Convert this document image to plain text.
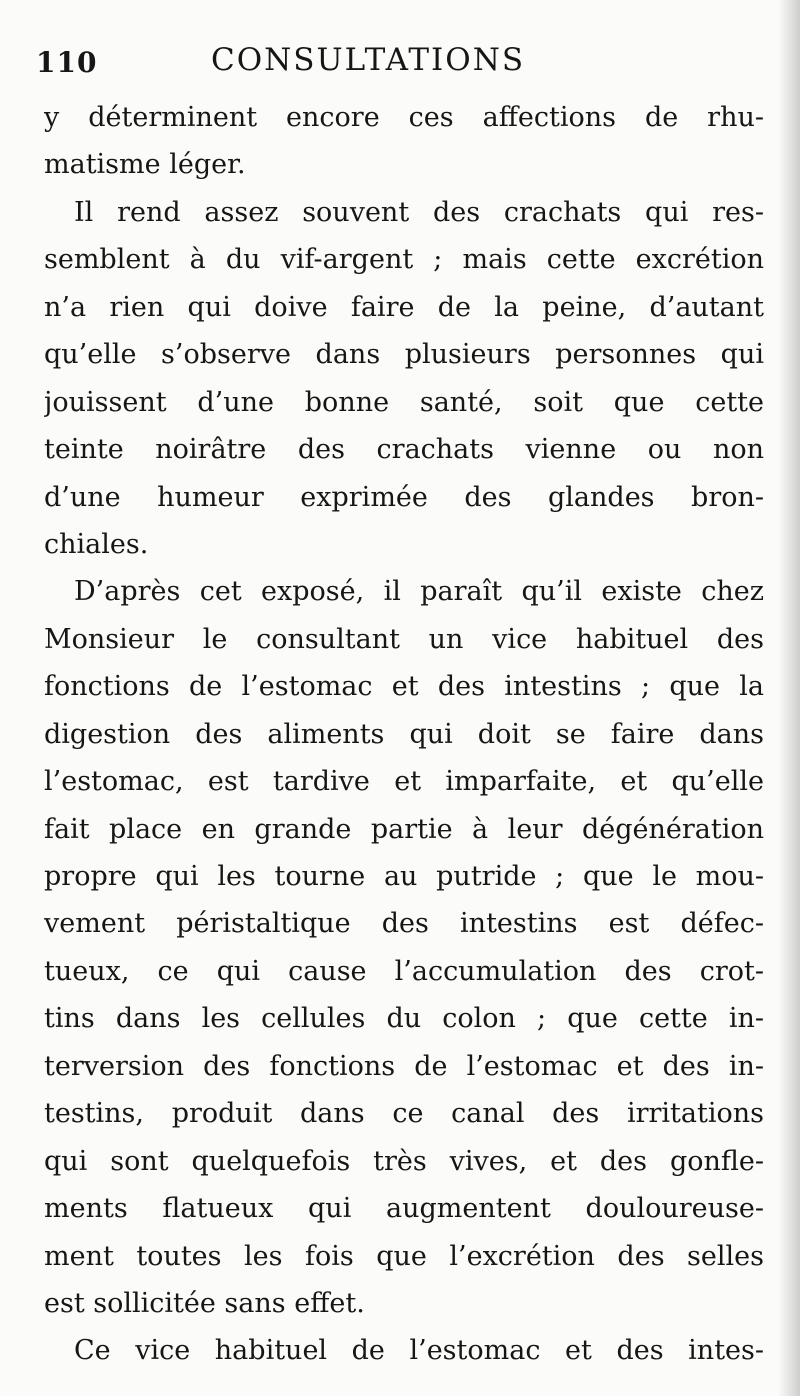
110	CONSULTATIONS
y déterminent encore ces affections de rhu-
matisme léger.
Il rend assez souvent des crachats qui res-
semblent à du vif-argent ; mais cette excrétion
n’a rien qui doive faire de la peine, d’autant
qu’elle s’observe dans plusieurs personnes qui
jouissent d’une bonne santé, soit que cette
teinte noirâtre des crachats vienne ou non
d’une humeur exprimée des glandes bron-
chiales.
D’après cet exposé, il paraît qu’il existe chez
Monsieur le consultant un vice habituel des
fonctions de l’estomac et des intestins ; que la
digestion des aliments qui doit se faire dans
l’estomac, est tardive et imparfaite, et qu’elle
fait place en grande partie à leur dégénération
propre qui les tourne au putride ; que le mou-
vement péristaltique des intestins est défec-
tueux, ce qui cause l’accumulation des crot-
tins dans les cellules du colon ; que cette in-
terversion des fonctions de l’estomac et des in-
testins, produit dans ce canal des irritations
qui sont quelquefois très vives, et des gonfle-
ments flatueux qui augmentent douloureuse-
ment toutes les fois que l’excrétion des selles
est sollicitée sans effet.
Ce vice habituel de l’estomac et des intes-
